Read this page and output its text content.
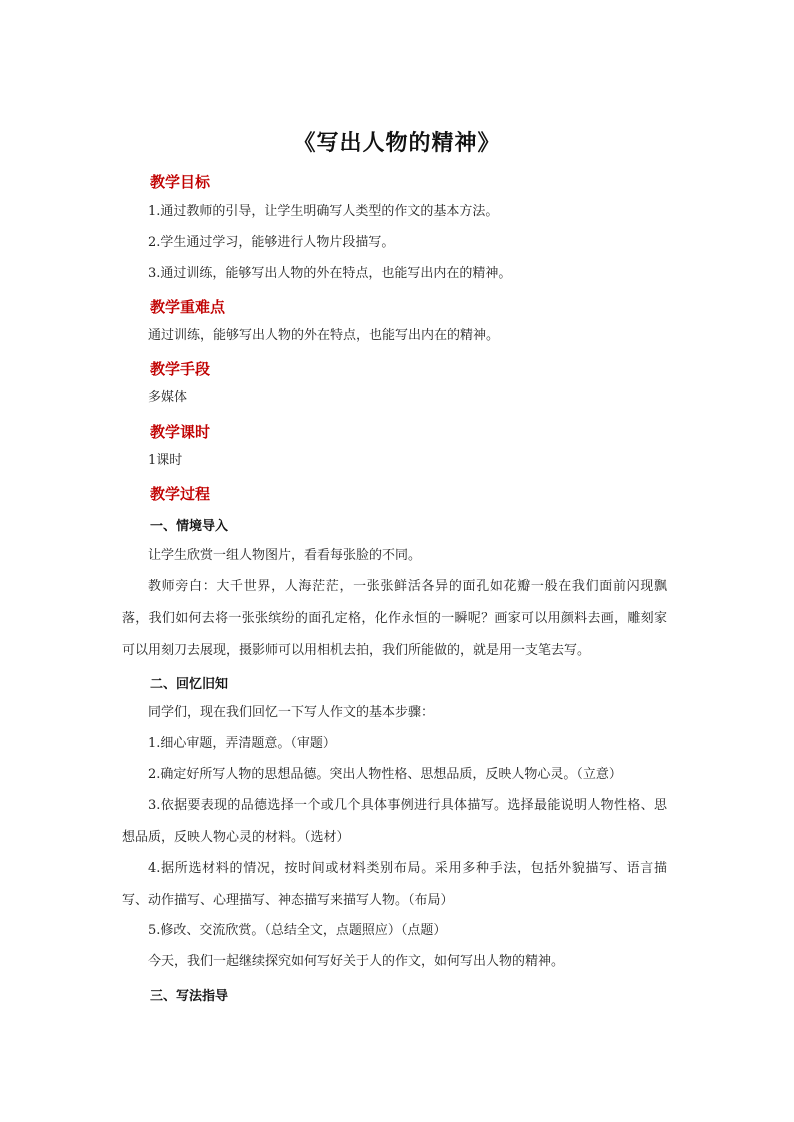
《写出人物的精神》
教学目标
1.通过教师的引导，让学生明确写人类型的作文的基本方法。
2.学生通过学习，能够进行人物片段描写。
3.通过训练，能够写出人物的外在特点，也能写出内在的精神。
教学重难点
通过训练，能够写出人物的外在特点，也能写出内在的精神。
教学手段
多媒体
教学课时
1课时
教学过程
一、情境导入
让学生欣赏一组人物图片，看看每张脸的不同。
教师旁白：大千世界，人海茫茫，一张张鲜活各异的面孔如花瓣一般在我们面前闪现飘落，我们如何去将一张张缤纷的面孔定格，化作永恒的一瞬呢？画家可以用颜料去画，雕刻家可以用刻刀去展现，摄影师可以用相机去拍，我们所能做的，就是用一支笔去写。
二、回忆旧知
同学们，现在我们回忆一下写人作文的基本步骤：
1.细心审题，弄清题意。（审题）
2.确定好所写人物的思想品德。突出人物性格、思想品质，反映人物心灵。（立意）
3.依据要表现的品德选择一个或几个具体事例进行具体描写。选择最能说明人物性格、思想品质，反映人物心灵的材料。（选材）
4.据所选材料的情况，按时间或材料类别布局。采用多种手法，包括外貌描写、语言描写、动作描写、心理描写、神态描写来描写人物。（布局）
5.修改、交流欣赏。（总结全文，点题照应）（点题）
今天，我们一起继续探究如何写好关于人的作文，如何写出人物的精神。
三、写法指导
